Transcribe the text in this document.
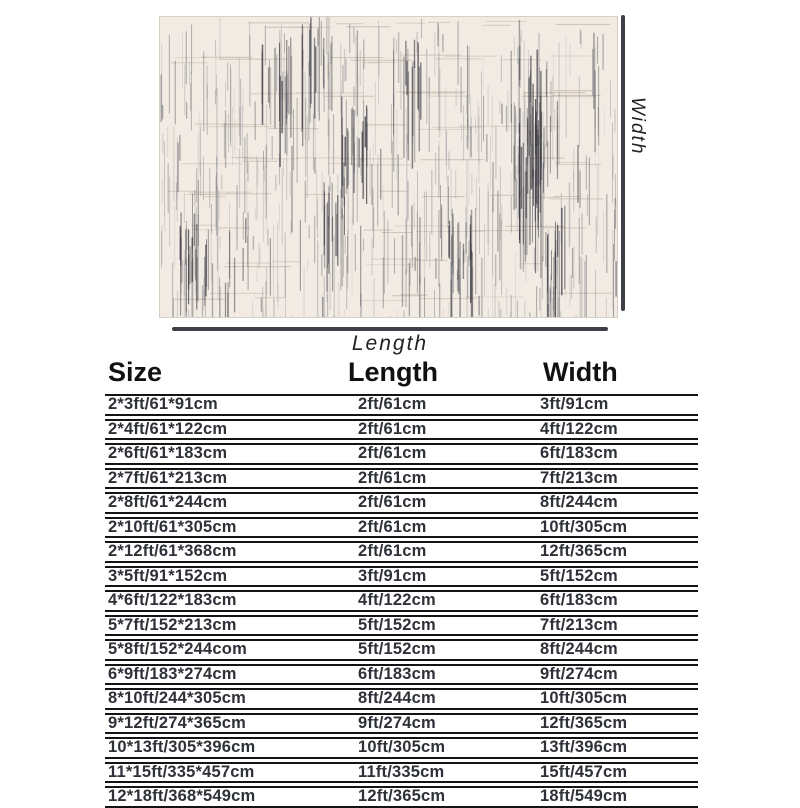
Width
Length
Size	Length	Width
2*3ft/61*91cm	2ft/61cm	3ft/91cm
2*4ft/61*122cm	2ft/61cm	4ft/122cm
2*6ft/61*183cm	2ft/61cm	6ft/183cm
2*7ft/61*213cm	2ft/61cm	7ft/213cm
2*8ft/61*244cm	2ft/61cm	8ft/244cm
2*10ft/61*305cm	2ft/61cm	10ft/305cm
2*12ft/61*368cm	2ft/61cm	12ft/365cm
3*5ft/91*152cm	3ft/91cm	5ft/152cm
4*6ft/122*183cm	4ft/122cm	6ft/183cm
5*7ft/152*213cm	5ft/152cm	7ft/213cm
5*8ft/152*244com	5ft/152cm	8ft/244cm
6*9ft/183*274cm	6ft/183cm	9ft/274cm
8*10ft/244*305cm	8ft/244cm	10ft/305cm
9*12ft/274*365cm	9ft/274cm	12ft/365cm
10*13ft/305*396cm	10ft/305cm	13ft/396cm
11*15ft/335*457cm	11ft/335cm	15ft/457cm
12*18ft/368*549cm	12ft/365cm	18ft/549cm
